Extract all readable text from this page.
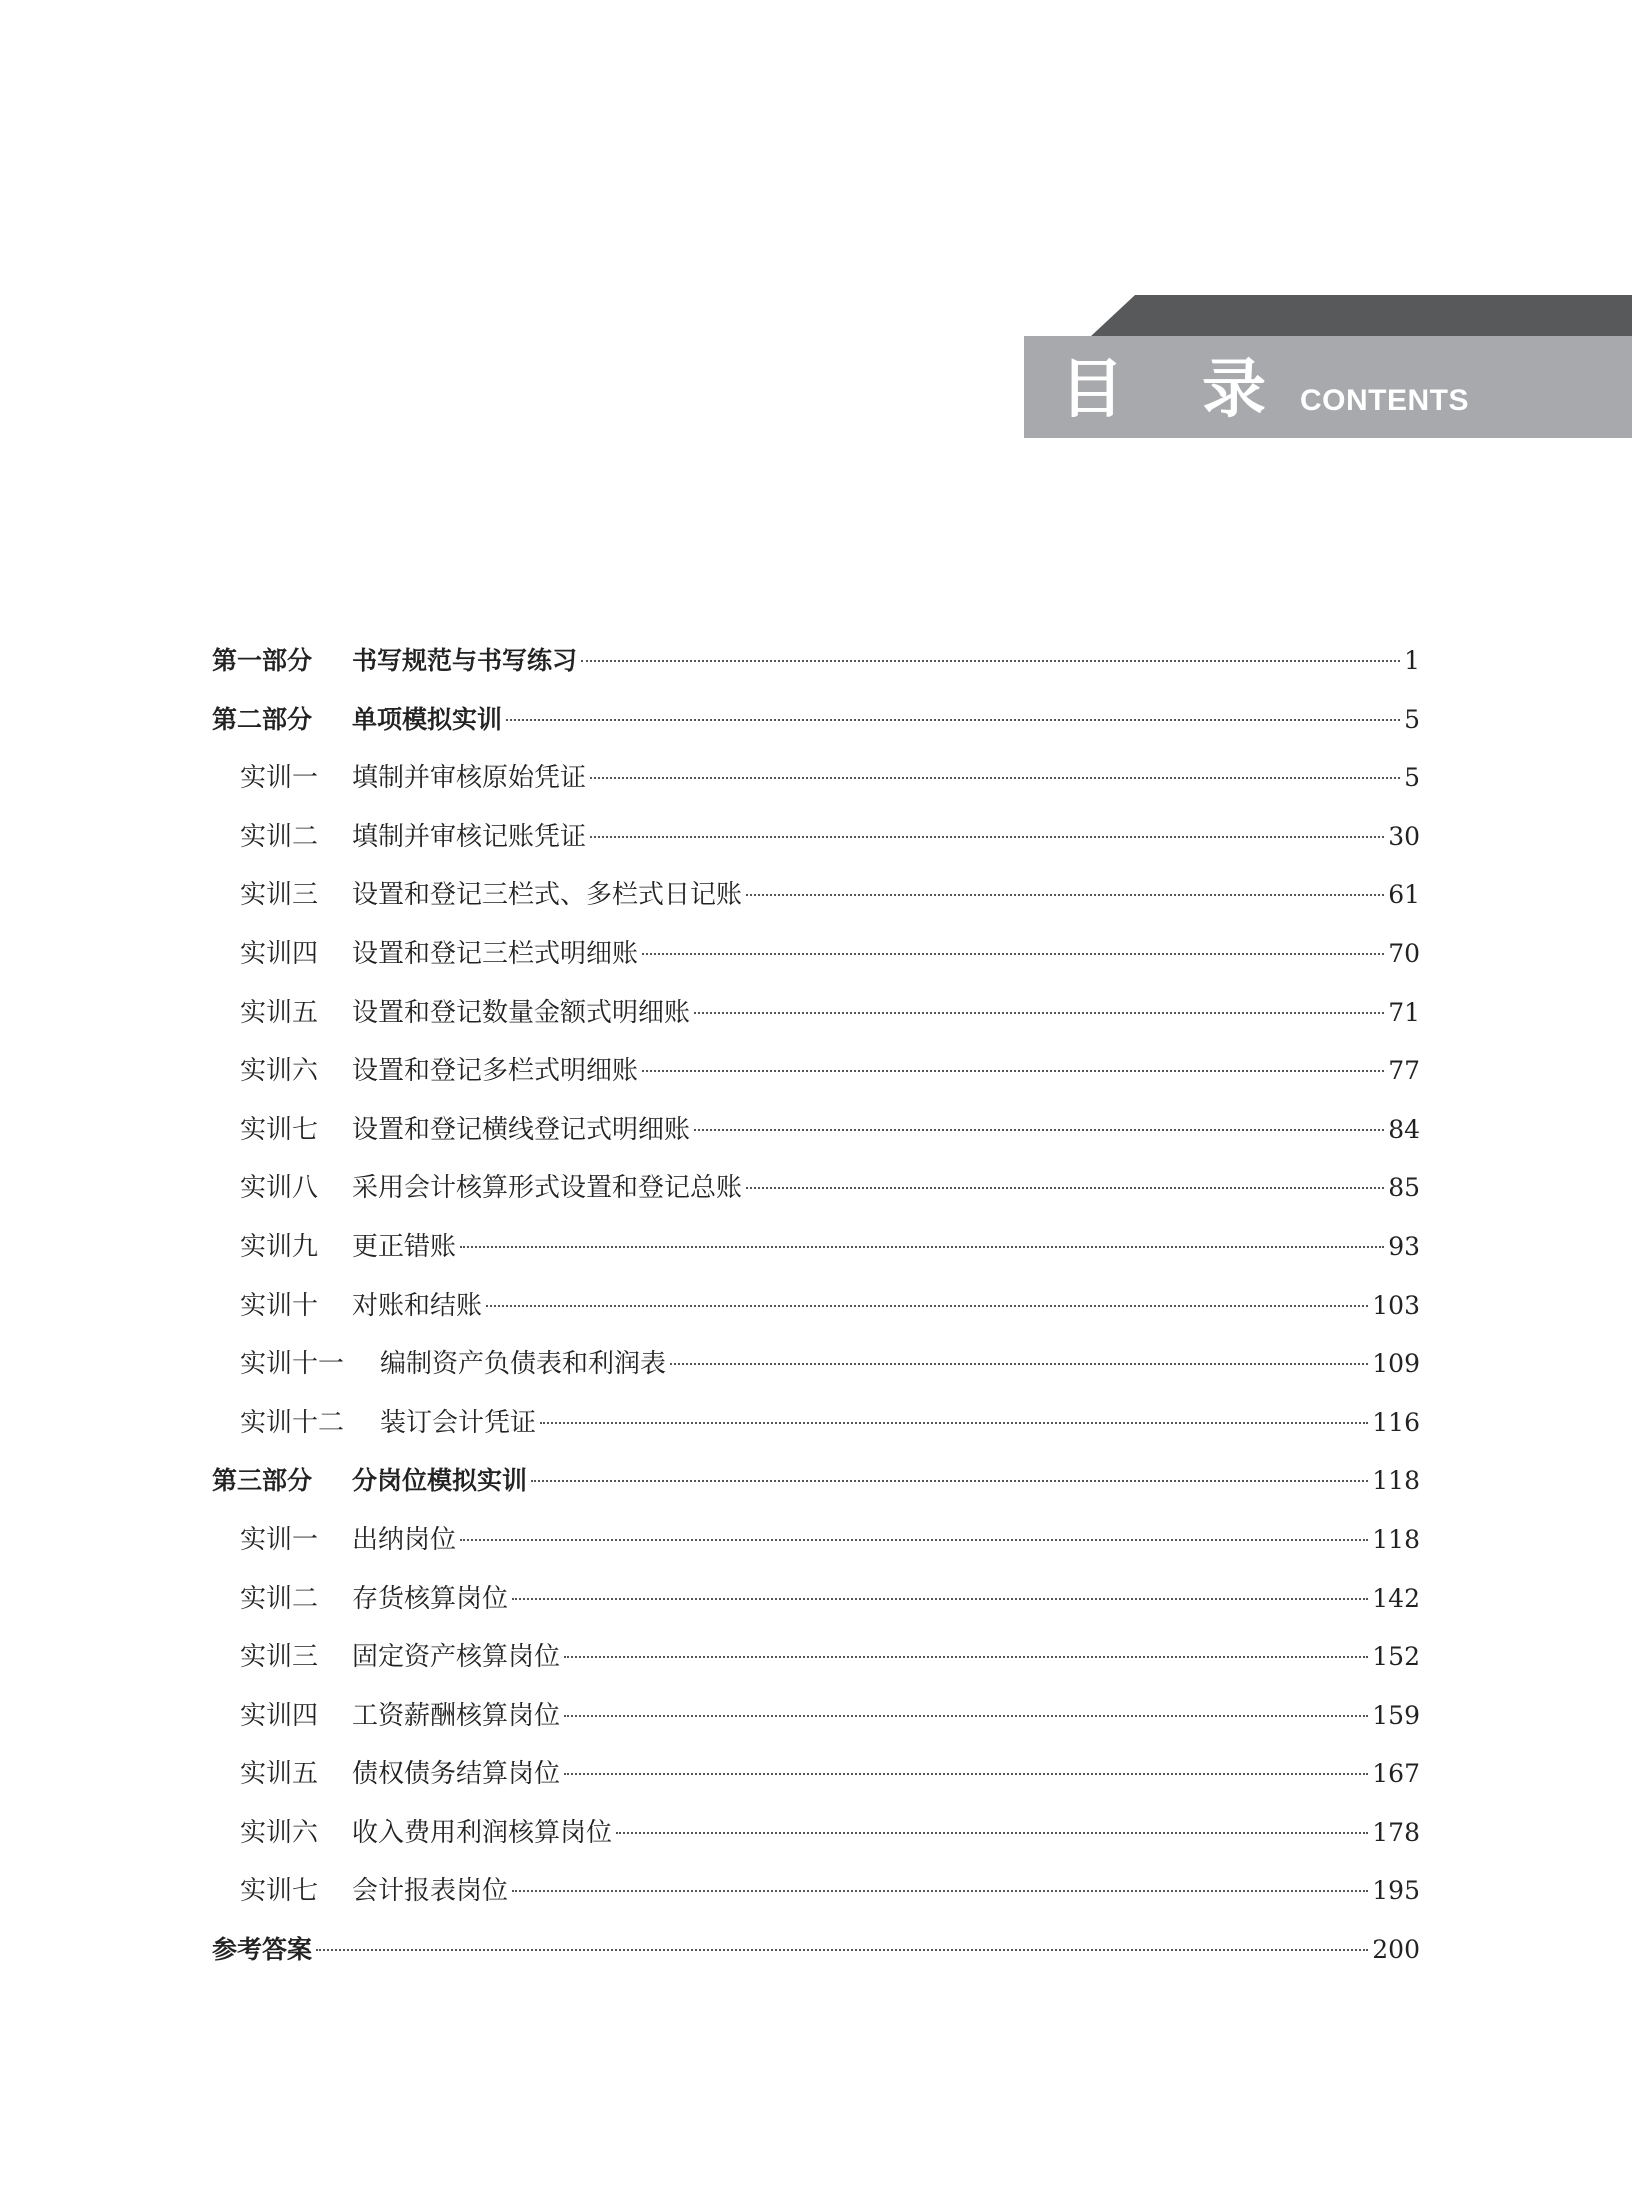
目 录 CONTENTS
第一部分	书写规范与书写练习	1
第二部分	单项模拟实训	5
实训一	填制并审核原始凭证	5
实训二	填制并审核记账凭证	30
实训三	设置和登记三栏式、多栏式日记账	61
实训四	设置和登记三栏式明细账	70
实训五	设置和登记数量金额式明细账	71
实训六	设置和登记多栏式明细账	77
实训七	设置和登记横线登记式明细账	84
实训八	采用会计核算形式设置和登记总账	85
实训九	更正错账	93
实训十	对账和结账	103
实训十一	编制资产负债表和利润表	109
实训十二	装订会计凭证	116
第三部分	分岗位模拟实训	118
实训一	出纳岗位	118
实训二	存货核算岗位	142
实训三	固定资产核算岗位	152
实训四	工资薪酬核算岗位	159
实训五	债权债务结算岗位	167
实训六	收入费用利润核算岗位	178
实训七	会计报表岗位	195
参考答案	200
